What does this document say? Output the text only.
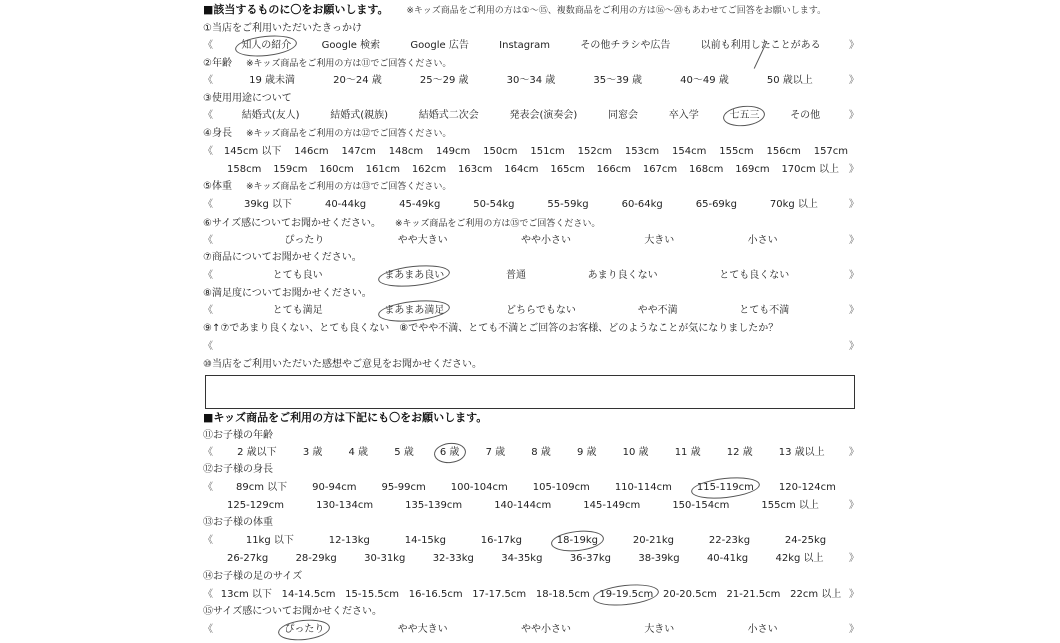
■該当するものに〇をお願いします。 ※キッズ商品をご利用の方は①～⑮、複数商品をご利用の方は⑯～⑳もあわせてご回答をお願いします。
①当店をご利用いただいたきっかけ
《	知人の紹介	Google 検索	Google 広告	Instagram	その他チラシや広告	以前も利用したことがある	》
②年齢 ※キッズ商品をご利用の方は⑪でご回答ください。
《	19 歳未満	20～24 歳	25～29 歳	30～34 歳	35～39 歳	40～49 歳	50 歳以上	》
③使用用途について
《	結婚式(友人)	結婚式(親族)	結婚式二次会	発表会(演奏会)	同窓会	卒入学	七五三	その他	》
④身長 ※キッズ商品をご利用の方は⑫でご回答ください。
《 145cm 以下 146cm 147cm 148cm 149cm 150cm 151cm 152cm 153cm 154cm 155cm 156cm 157cm
158cm 159cm 160cm 161cm 162cm 163cm 164cm 165cm 166cm 167cm 168cm 169cm 170cm 以上 》
⑤体重 ※キッズ商品をご利用の方は⑬でご回答ください。
《	39kg 以下	40-44kg	45-49kg	50-54kg	55-59kg	60-64kg	65-69kg	70kg 以上	》
⑥サイズ感についてお聞かせください。 ※キッズ商品をご利用の方は⑮でご回答ください。
《	ぴったり	やや大きい	やや小さい	大きい	小さい	》
⑦商品についてお聞かせください。
《	とても良い	まあまあ良い	普通	あまり良くない	とても良くない	》
⑧満足度についてお聞かせください。
《	とても満足	まあまあ満足	どちらでもない	やや不満	とても不満	》
⑨↑⑦であまり良くない、とても良くない　⑧でやや不満、とても不満とご回答のお客様、どのようなことが気になりましたか？
《	》
⑩当店をご利用いただいた感想やご意見をお聞かせください。
■キッズ商品をご利用の方は下記にも〇をお願いします。
⑪お子様の年齢
《 2 歳以下	3 歳	4 歳	5 歳	6 歳	7 歳	8 歳	9 歳	10 歳	11 歳	12 歳	13 歳以上 》
⑫お子様の身長
《 89cm 以下	90-94cm	95-99cm	100-104cm	105-109cm	110-114cm	115-119cm	120-124cm
125-129cm	130-134cm	135-139cm	140-144cm	145-149cm	150-154cm	155cm 以上	》
⑬お子様の体重
《	11kg 以下	12-13kg	14-15kg	16-17kg	18-19kg	20-21kg	22-23kg	24-25kg
26-27kg	28-29kg	30-31kg	32-33kg	34-35kg	36-37kg	38-39kg	40-41kg	42kg 以上	》
⑭お子様の足のサイズ
《 13cm 以下 14-14.5cm 15-15.5cm 16-16.5cm 17-17.5cm 18-18.5cm 19-19.5cm 20-20.5cm 21-21.5cm 22cm 以上 》
⑮サイズ感についてお聞かせください。
《	ぴったり	やや大きい	やや小さい	大きい	小さい	》
